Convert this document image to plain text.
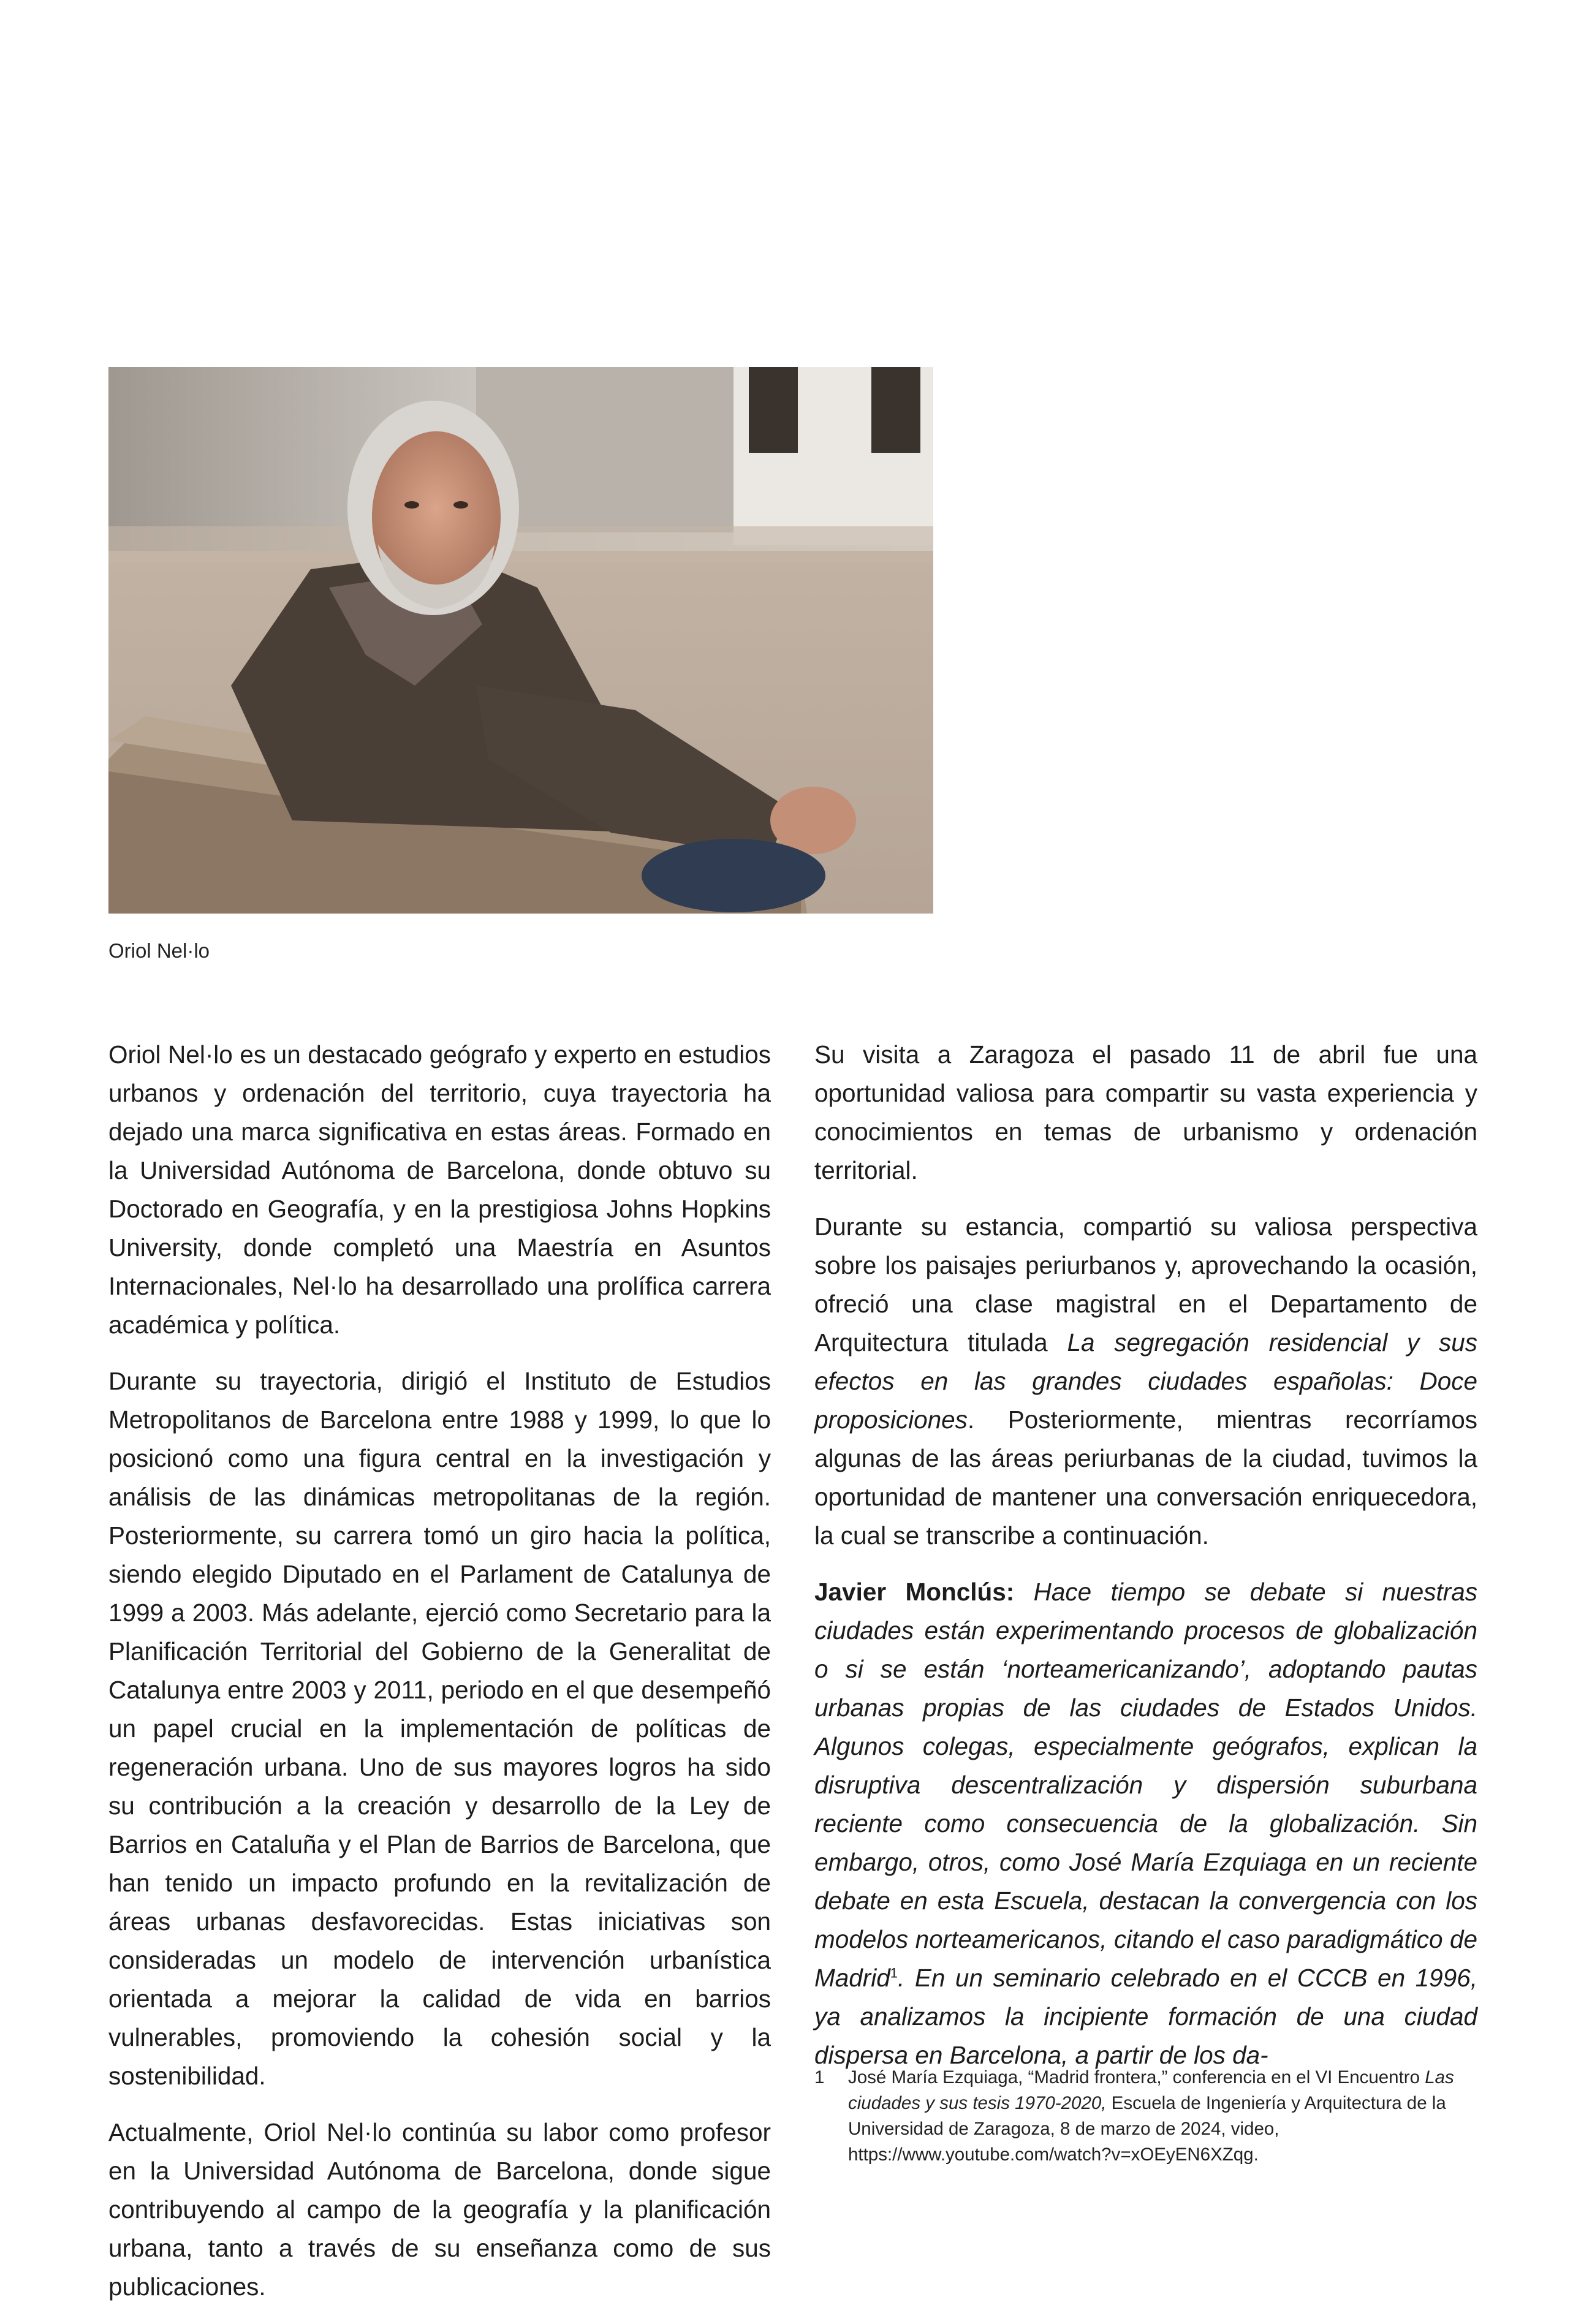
Oriol Nel·lo

Oriol Nel·lo es un destacado geógrafo y experto en estudios urbanos y ordenación del territorio, cuya trayectoria ha dejado una marca significativa en estas áreas. Formado en la Universidad Autónoma de Barcelona, donde obtuvo su Doctorado en Geografía, y en la prestigiosa Johns Hopkins University, donde completó una Maestría en Asuntos Internacionales, Nel·lo ha desarrollado una prolífica carrera académica y política.

Durante su trayectoria, dirigió el Instituto de Estudios Metropolitanos de Barcelona entre 1988 y 1999, lo que lo posicionó como una figura central en la investigación y análisis de las dinámicas metropolitanas de la región. Posteriormente, su carrera tomó un giro hacia la política, siendo elegido Diputado en el Parlament de Catalunya de 1999 a 2003. Más adelante, ejerció como Secretario para la Planificación Territorial del Gobierno de la Generalitat de Catalunya entre 2003 y 2011, periodo en el que desempeñó un papel crucial en la implementación de políticas de regeneración urbana. Uno de sus mayores logros ha sido su contribución a la creación y desarrollo de la Ley de Barrios en Cataluña y el Plan de Barrios de Barcelona, que han tenido un impacto profundo en la revitalización de áreas urbanas desfavorecidas. Estas iniciativas son consideradas un modelo de intervención urbanística orientada a mejorar la calidad de vida en barrios vulnerables, promoviendo la cohesión social y la sostenibilidad.

Actualmente, Oriol Nel·lo continúa su labor como profesor en la Universidad Autónoma de Barcelona, donde sigue contribuyendo al campo de la geografía y la planificación urbana, tanto a través de su enseñanza como de sus publicaciones.

Su visita a Zaragoza el pasado 11 de abril fue una oportunidad valiosa para compartir su vasta experiencia y conocimientos en temas de urbanismo y ordenación territorial.

Durante su estancia, compartió su valiosa perspectiva sobre los paisajes periurbanos y, aprovechando la ocasión, ofreció una clase magistral en el Departamento de Arquitectura titulada La segregación residencial y sus efectos en las grandes ciudades españolas: Doce proposiciones. Posteriormente, mientras recorríamos algunas de las áreas periurbanas de la ciudad, tuvimos la oportunidad de mantener una conversación enriquecedora, la cual se transcribe a continuación.

Javier Monclús: Hace tiempo se debate si nuestras ciudades están experimentando procesos de globalización o si se están ‘norteamericanizando’, adoptando pautas urbanas propias de las ciudades de Estados Unidos. Algunos colegas, especialmente geógrafos, explican la disruptiva descentralización y dispersión suburbana reciente como consecuencia de la globalización. Sin embargo, otros, como José María Ezquiaga en un reciente debate en esta Escuela, destacan la convergencia con los modelos norteamericanos, citando el caso paradigmático de Madrid$^1$. En un seminario celebrado en el CCCB en 1996, ya analizamos la incipiente formación de una ciudad dispersa en Barcelona, a partir de los da-

1 José María Ezquiaga, “Madrid frontera,” conferencia en el VI Encuentro Las ciudades y sus tesis 1970-2020, Escuela de Ingeniería y Arquitectura de la Universidad de Zaragoza, 8 de marzo de 2024, video, https://www.youtube.com/watch?v=xOEyEN6XZqg.
